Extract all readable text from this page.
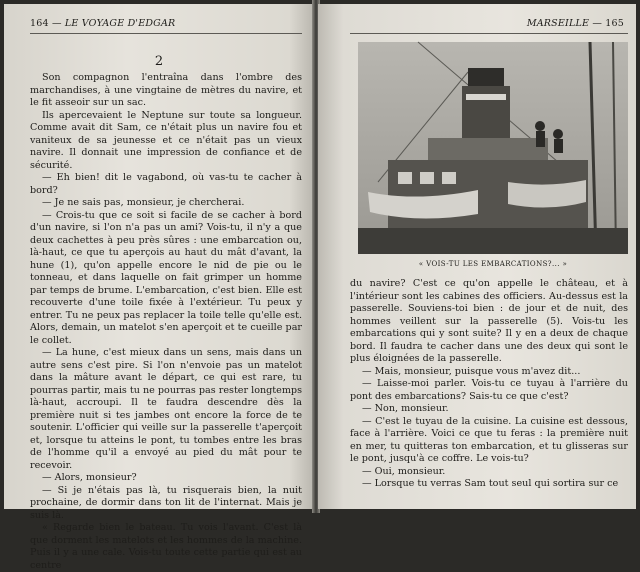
164 — LE VOYAGE D'EDGAR
2

Son compagnon l'entraîna dans l'ombre des marchandises, à une vingtaine de mètres du navire, et le fit asseoir sur un sac.

Ils apercevaient le Neptune sur toute sa longueur. Comme avait dit Sam, ce n'était plus un navire fou et vaniteux de sa jeunesse et ce n'était pas un vieux navire. Il donnait une impression de confiance et de sécurité.

— Eh bien! dit le vagabond, où vas-tu te cacher à bord?

— Je ne sais pas, monsieur, je chercherai.

— Crois-tu que ce soit si facile de se cacher à bord d'un navire, si l'on n'a pas un ami? Vois-tu, il n'y a que deux cachettes à peu près sûres : une embarcation ou, là-haut, ce que tu aperçois au haut du mât d'avant, la hune (1), qu'on appelle encore le nid de pie ou le tonneau, et dans laquelle on fait grimper un homme par temps de brume. L'embarcation, c'est bien. Elle est recouverte d'une toile fixée à l'extérieur. Tu peux y entrer. Tu ne peux pas replacer la toile telle qu'elle est. Alors, demain, un matelot s'en aperçoit et te cueille par le collet.

— La hune, c'est mieux dans un sens, mais dans un autre sens c'est pire. Si l'on n'envoie pas un matelot dans la mâture avant le départ, ce qui est rare, tu pourras partir, mais tu ne pourras pas rester longtemps là-haut, accroupi. Il te faudra descendre dès la première nuit si tes jambes ont encore la force de te soutenir. L'officier qui veille sur la passerelle t'aperçoit et, lorsque tu atteins le pont, tu tombes entre les bras de l'homme qu'il a envoyé au pied du mât pour te recevoir.

— Alors, monsieur?

— Si je n'étais pas là, tu risquerais bien, la nuit prochaine, de dormir dans ton lit de l'internat. Mais je suis là.

« Regarde bien le bateau. Tu vois l'avant. C'est là que dorment les matelots et les hommes de la machine. Puis il y a une cale. Vois-tu toute cette partie qui est au centre

MARSEILLE — 165
« VOIS-TU LES EMBARCATIONS?... »

du navire? C'est ce qu'on appelle le château, et à l'intérieur sont les cabines des officiers. Au-dessus est la passerelle. Souviens-toi bien : de jour et de nuit, des hommes veillent sur la passerelle (5). Vois-tu les embarcations qui y sont suite? Il y en a deux de chaque bord. Il faudra te cacher dans une des deux qui sont le plus éloignées de la passerelle.

— Mais, monsieur, puisque vous m'avez dit...

— Laisse-moi parler. Vois-tu ce tuyau à l'arrière du pont des embarcations? Sais-tu ce que c'est?

— Non, monsieur.

— C'est le tuyau de la cuisine. La cuisine est dessous, face à l'arrière. Voici ce que tu feras : la première nuit en mer, tu quitteras ton embarcation, et tu glisseras sur le pont, jusqu'à ce coffre. Le vois-tu?

— Oui, monsieur.

— Lorsque tu verras Sam tout seul qui sortira sur ce
